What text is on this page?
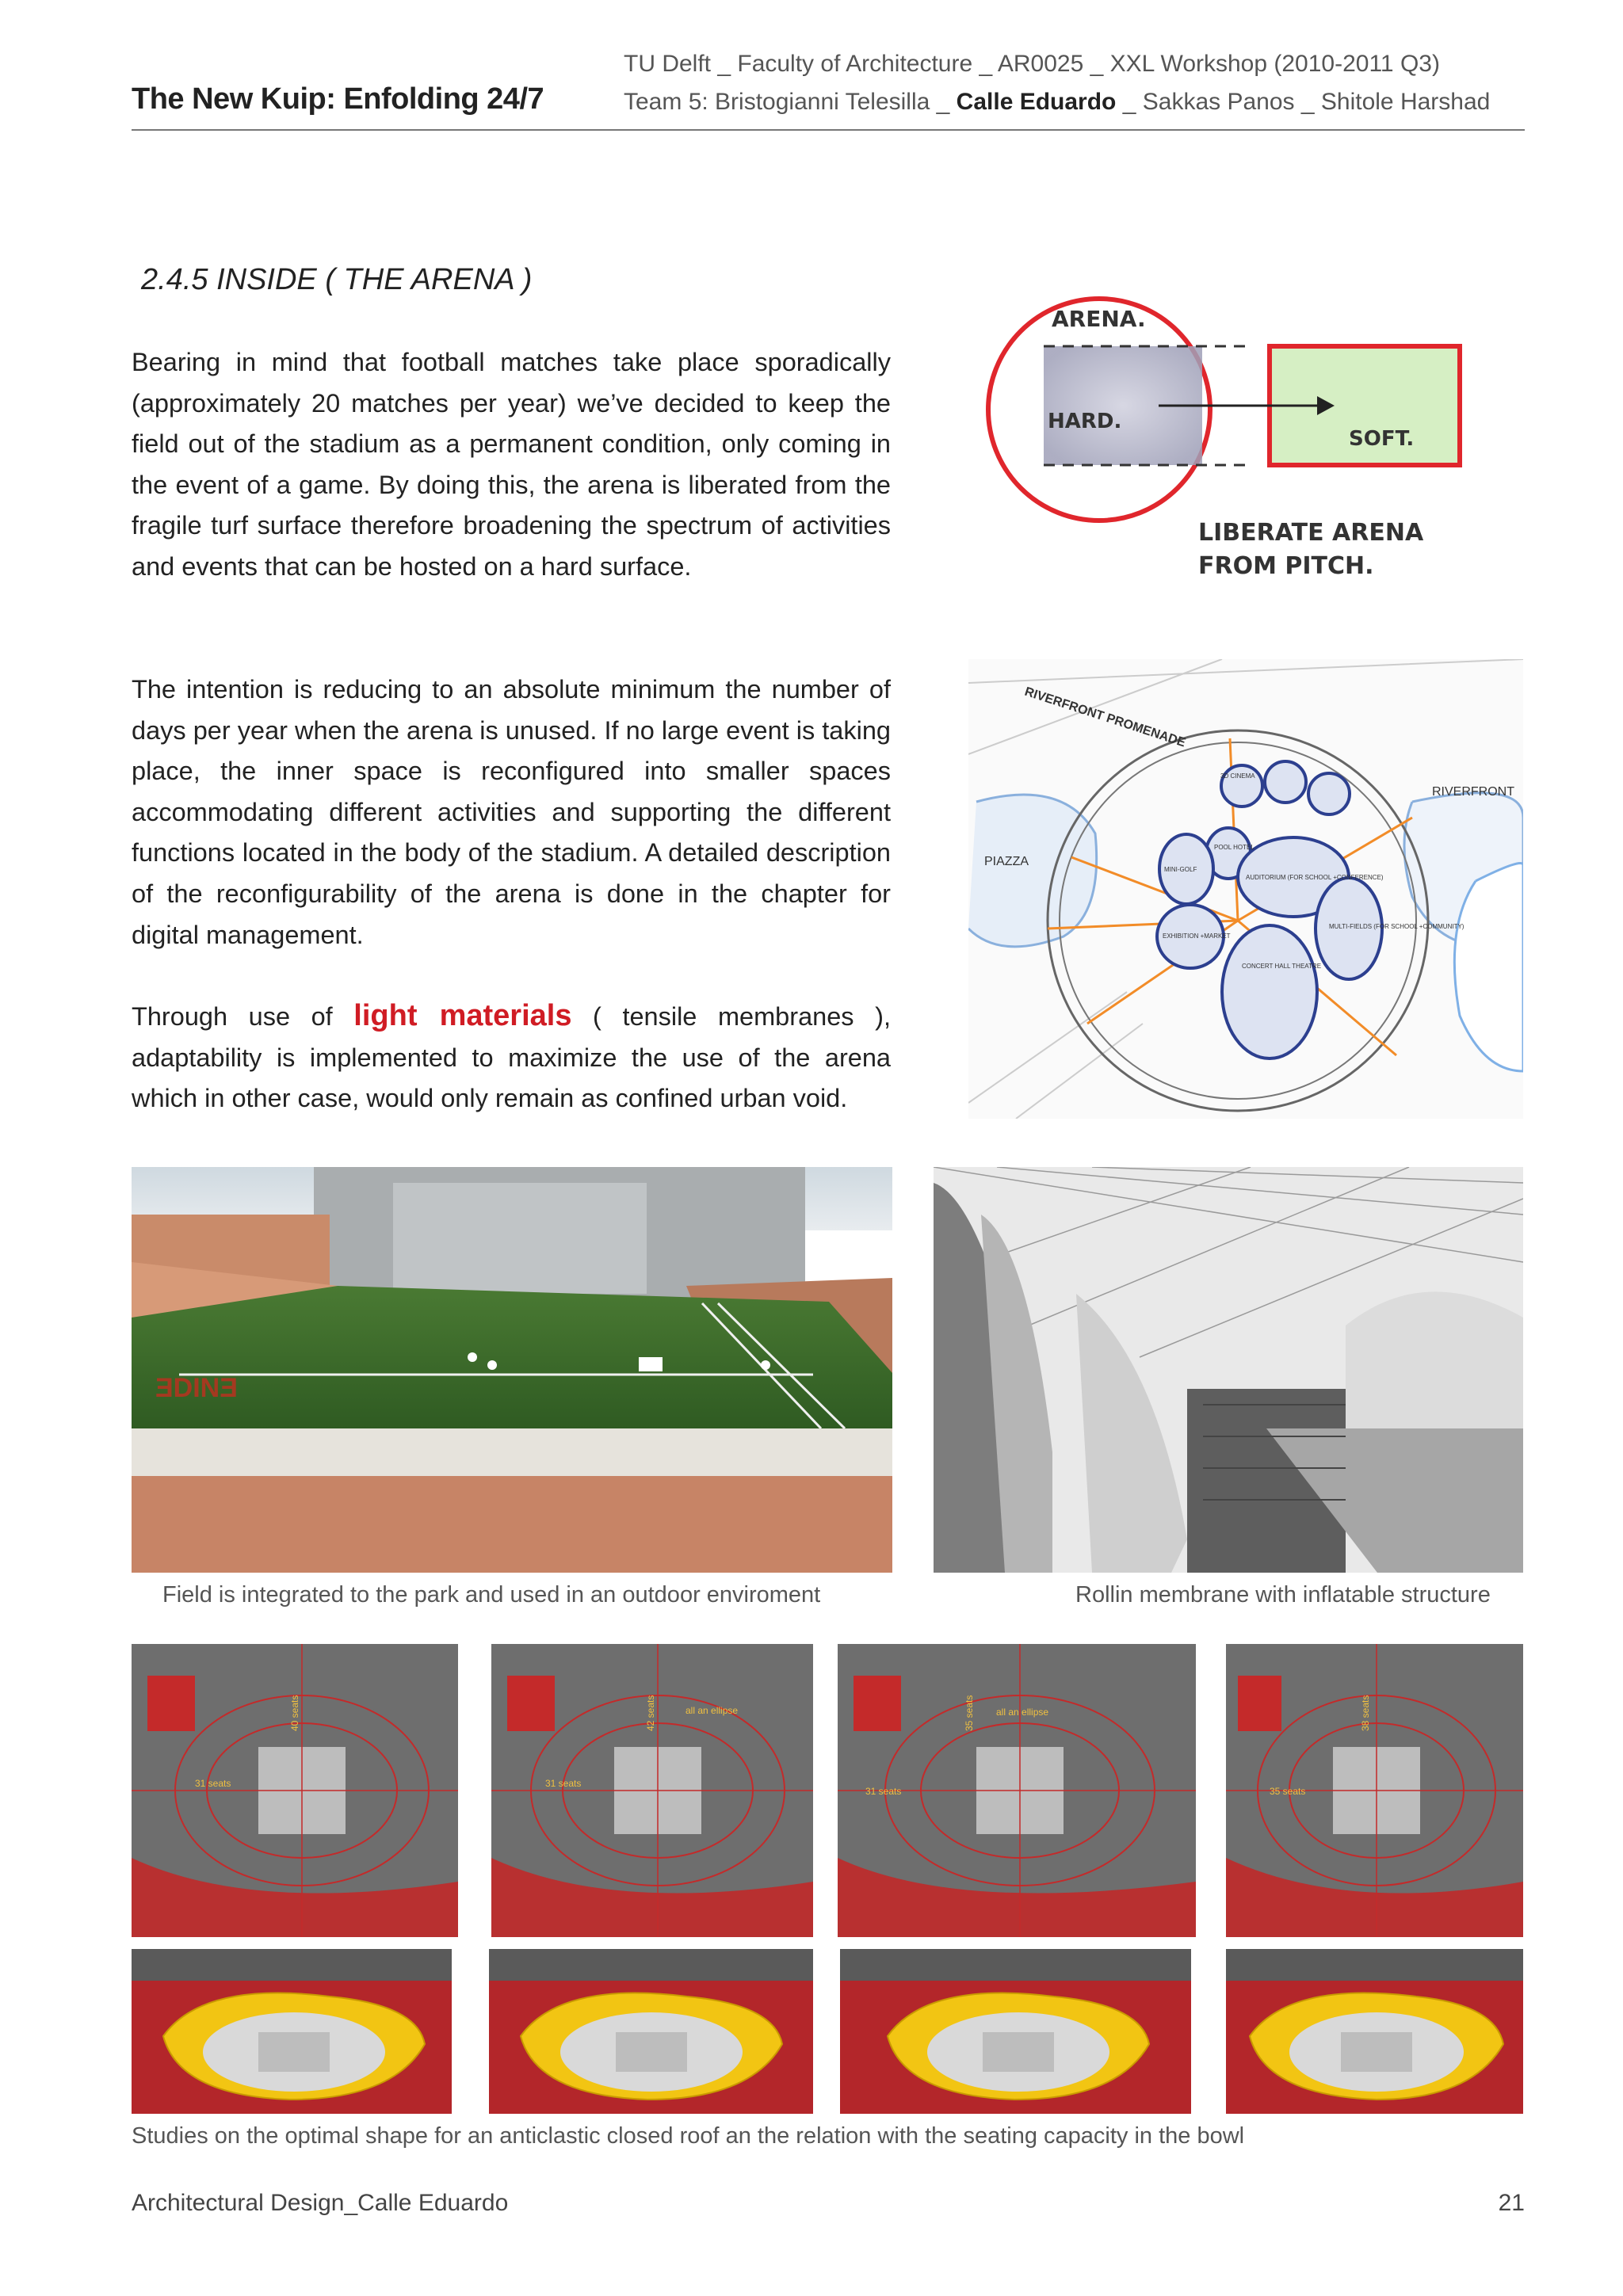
The New Kuip: Enfolding 24/7
TU Delft _ Faculty of Architecture _ AR0025 _ XXL Workshop (2010-2011 Q3)
Team 5: Bristogianni Telesilla _ Calle Eduardo _ Sakkas Panos _ Shitole Harshad
2.4.5 INSIDE ( THE ARENA )
Bearing in mind that football matches take place sporadically (approximately 20 matches per year) we’ve decided to keep the field out of the stadium as a permanent condition, only coming in the event of a game. By doing this, the arena is liberated from the fragile turf surface therefore broadening the spectrum of activities and events that can be hosted on a hard surface.
The intention is reducing to an absolute minimum the number of days per year when the arena is unused. If no large event is taking place, the inner space is reconfigured into smaller spaces accommodating different activities and supporting the different functions located in the body of the stadium. A detailed description of the reconfigurability of the arena is done in the chapter for digital management.
Through use of light materials ( tensile membranes ), adaptability is implemented to maximize the use of the arena which in other case, would only remain as confined urban void.
ARENA.
HARD.
SOFT.
LIBERATE ARENA
FROM PITCH.
RIVERFRONT PROMENADE
RIVERFRONT
PIAZZA
3D CINEMA
POOL HOTEL
MINI-GOLF
AUDITORIUM (FOR SCHOOL +CONFERENCE)
EXHIBITION +MARKET
CONCERT HALL THEATRE
MULTI-FIELDS (FOR SCHOOL +COMMUNITY)
ƎDINƎ
Field is integrated to the park and used in an outdoor enviroment	Rollin membrane with inflatable structure
40 seats
31 seats
42 seats
31 seats
all an ellipse	35 seats
31 seats
all an ellipse	38 seats
35 seats
Studies on the optimal shape for an anticlastic closed roof an the relation with the seating capacity in the bowl
Architectural Design_Calle Eduardo	21
